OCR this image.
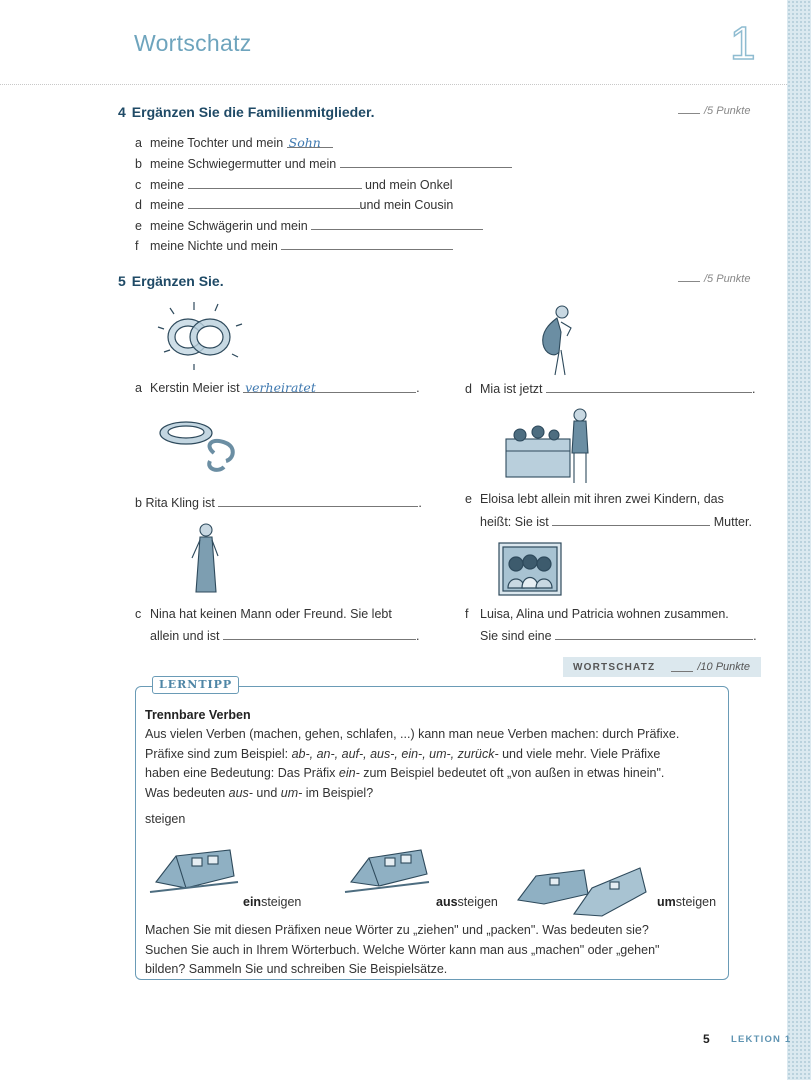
Wortschatz	1
4 Ergänzen Sie die Familienmitglieder.	/5 Punkte
a meine Tochter und mein Sohn
b meine Schwiegermutter und mein
c meine	und mein Onkel
d meine	und mein Cousin
e meine Schwägerin und mein
f meine Nichte und mein
5 Ergänzen Sie.	/5 Punkte
a Kerstin Meier ist verheiratet	.	d Mia ist jetzt	.
b Rita Kling ist	.	e Eloisa lebt allein mit ihren zwei Kindern, das
heißt: Sie ist	Mutter.
c Nina hat keinen Mann oder Freund. Sie lebt
allein und ist	.
f Luisa, Alina und Patricia wohnen zusammen.
Sie sind eine	.
WORTSCHATZ	/10 Punkte
LERNTIPP
Trennbare Verben
Aus vielen Verben (machen, gehen, schlafen, ...) kann man neue Verben machen: durch Präfixe.
Präfixe sind zum Beispiel: ab-, an-, auf-, aus-, ein-, um-, zurück- und viele mehr. Viele Präfixe
haben eine Bedeutung: Das Präfix ein- zum Beispiel bedeutet oft „von außen in etwas hinein".
Was bedeuten aus- und um- im Beispiel?
steigen
einsteigen	aussteigen	umsteigen
Machen Sie mit diesen Präfixen neue Wörter zu „ziehen" und „packen". Was bedeuten sie?
Suchen Sie auch in Ihrem Wörterbuch. Welche Wörter kann man aus „machen" oder „gehen"
bilden? Sammeln Sie und schreiben Sie Beispielsätze.
5 LEKTION 1
